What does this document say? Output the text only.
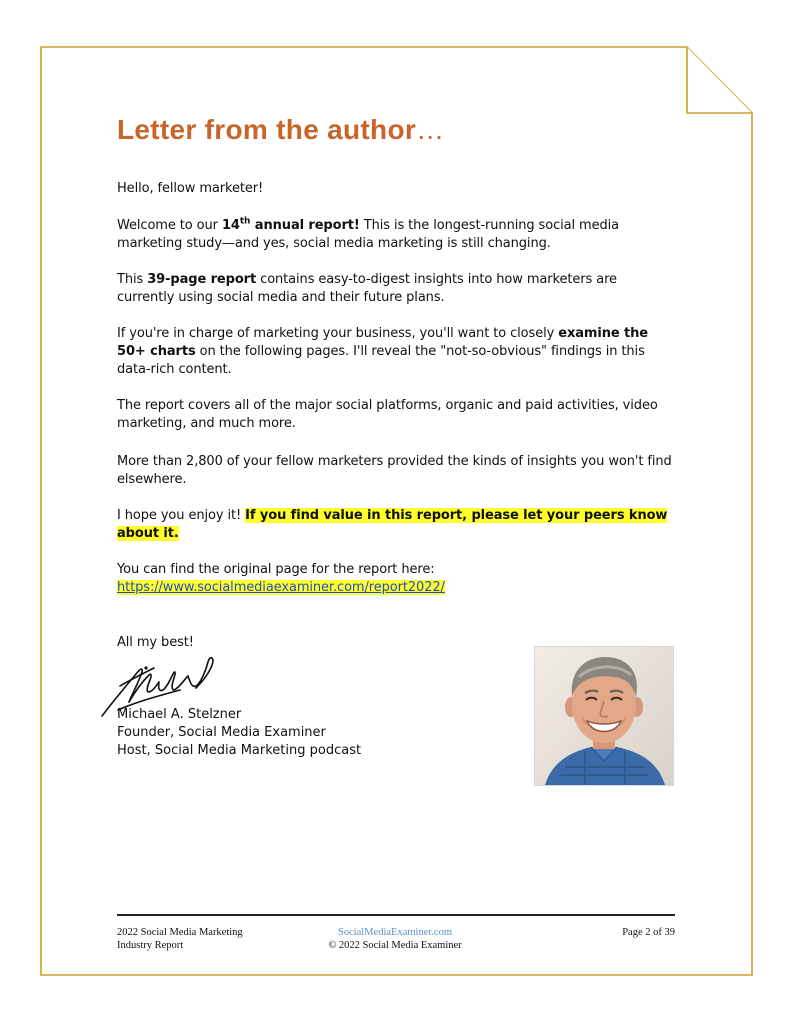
Letter from the author…

Hello, fellow marketer!

Welcome to our 14th annual report! This is the longest-running social media marketing study—and yes, social media marketing is still changing.

This 39-page report contains easy-to-digest insights into how marketers are currently using social media and their future plans.

If you're in charge of marketing your business, you'll want to closely examine the 50+ charts on the following pages. I'll reveal the "not-so-obvious" findings in this data-rich content.

The report covers all of the major social platforms, organic and paid activities, video marketing, and much more.

More than 2,800 of your fellow marketers provided the kinds of insights you won't find elsewhere.

I hope you enjoy it! If you find value in this report, please let your peers know about it.

You can find the original page for the report here:
https://www.socialmediaexaminer.com/report2022/

All my best!

Michael A. Stelzner
Founder, Social Media Examiner
Host, Social Media Marketing podcast
2022 Social Media Marketing
Industry Report
SocialMediaExaminer.com
© 2022 Social Media Examiner
Page 2 of 39
